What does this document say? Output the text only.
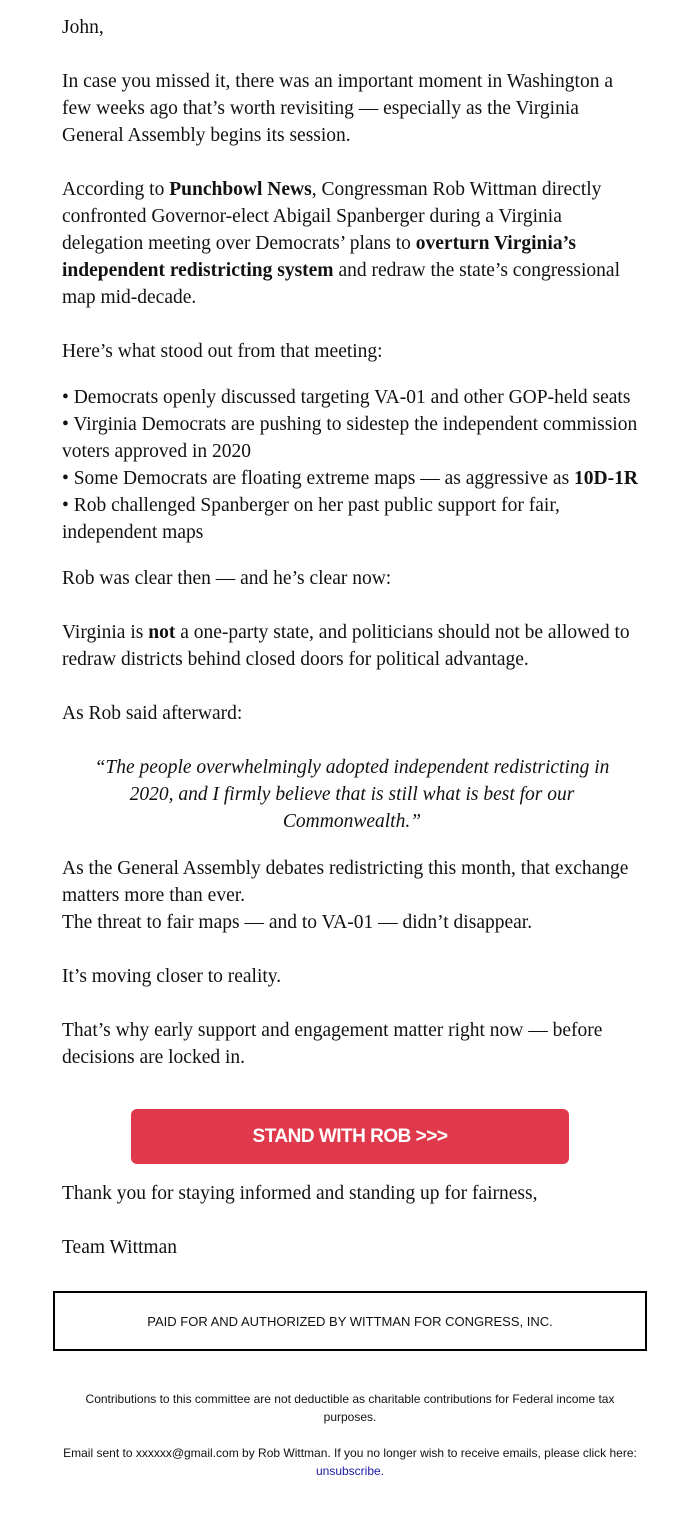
John,

In case you missed it, there was an important moment in Washington a few weeks ago that’s worth revisiting — especially as the Virginia General Assembly begins its session.

According to Punchbowl News, Congressman Rob Wittman directly confronted Governor-elect Abigail Spanberger during a Virginia delegation meeting over Democrats’ plans to overturn Virginia’s independent redistricting system and redraw the state’s congressional map mid-decade.

Here’s what stood out from that meeting:

• Democrats openly discussed targeting VA-01 and other GOP-held seats
• Virginia Democrats are pushing to sidestep the independent commission voters approved in 2020
• Some Democrats are floating extreme maps — as aggressive as 10D-1R
• Rob challenged Spanberger on her past public support for fair, independent maps

Rob was clear then — and he’s clear now:

Virginia is not a one-party state, and politicians should not be allowed to redraw districts behind closed doors for political advantage.

As Rob said afterward:

“The people overwhelmingly adopted independent redistricting in 2020, and I firmly believe that is still what is best for our Commonwealth.”

As the General Assembly debates redistricting this month, that exchange matters more than ever.

The threat to fair maps — and to VA-01 — didn’t disappear.

It’s moving closer to reality.

That’s why early support and engagement matter right now — before decisions are locked in.

STAND WITH ROB >>>

Thank you for staying informed and standing up for fairness,

Team Wittman

PAID FOR AND AUTHORIZED BY WITTMAN FOR CONGRESS, INC.
Contributions to this committee are not deductible as charitable contributions for Federal income tax purposes.
Email sent to xxxxxx@gmail.com by Rob Wittman. If you no longer wish to receive emails, please click here:
unsubscribe.
